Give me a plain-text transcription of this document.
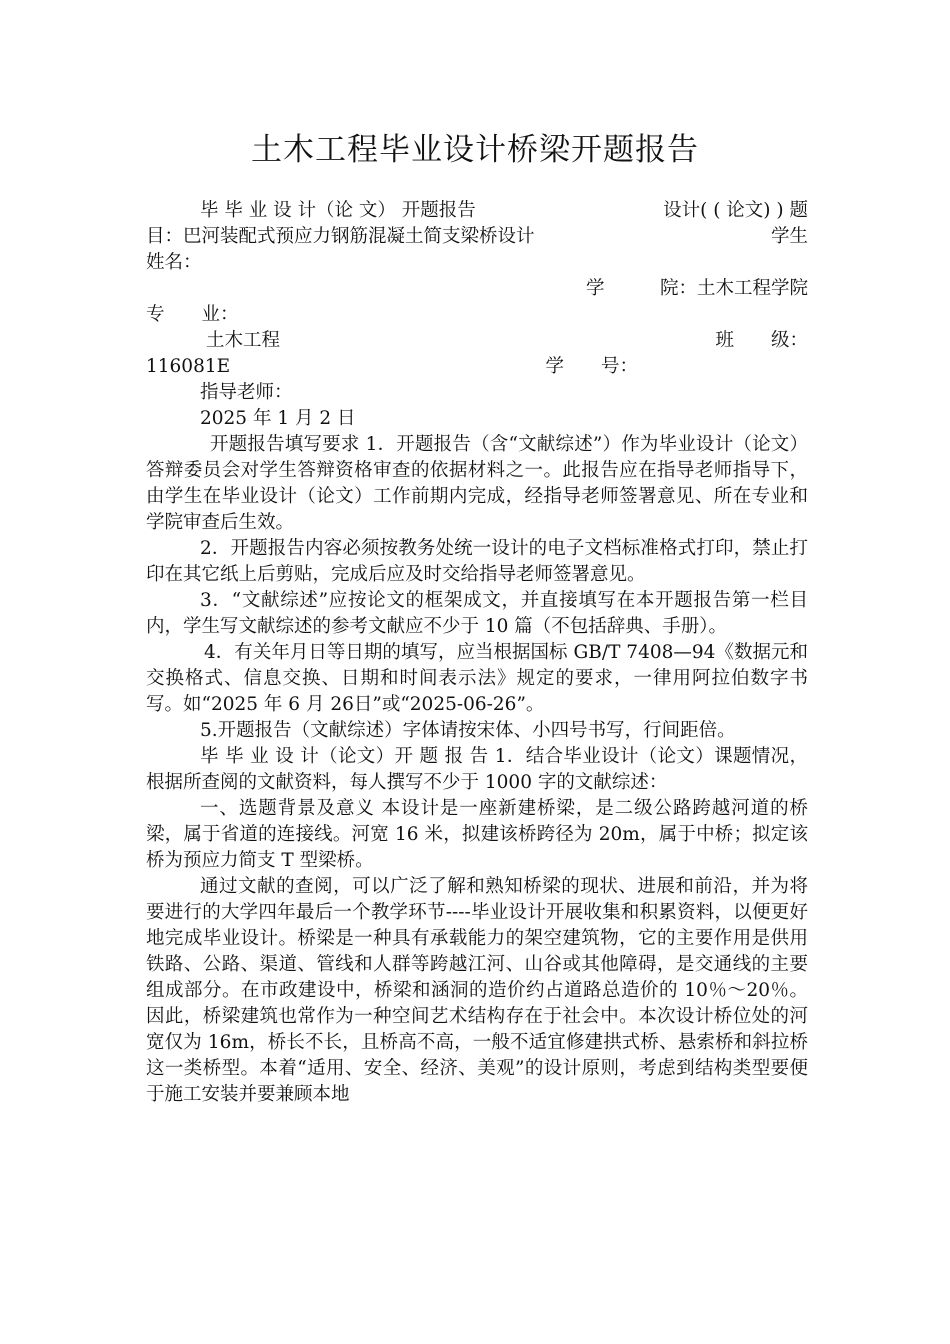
土木工程毕业设计桥梁开题报告
毕 毕 业 设 计（论 文） 开题报告	设计( ( 论文) ) 题
目：巴河装配式预应力钢筋混凝土简支梁桥设计	学生
姓名：
学　　　院：土木工程学院
专　　业：
土木工程	班　　级：
116081E	学　　号：
指导老师：
2025 年 1 月 2 日
开题报告填写要求 1．开题报告（含“文献综述”）作为毕业设计（论文）答辩委员会对学生答辩资格审查的依据材料之一。此报告应在指导老师指导下，由学生在毕业设计（论文）工作前期内完成，经指导老师签署意见、所在专业和学院审查后生效。
2．开题报告内容必须按教务处统一设计的电子文档标准格式打印，禁止打印在其它纸上后剪贴，完成后应及时交给指导老师签署意见。
3．“文献综述”应按论文的框架成文，并直接填写在本开题报告第一栏目内，学生写文献综述的参考文献应不少于 10 篇（不包括辞典、手册）。
4．有关年月日等日期的填写，应当根据国标 GB/T 7408—94《数据元和交换格式、信息交换、日期和时间表示法》规定的要求，一律用阿拉伯数字书写。如“2025 年 6 月 26日”或“2025-06-26”。
5.开题报告（文献综述）字体请按宋体、小四号书写，行间距倍。
毕 毕 业 设 计（论文）开 题 报 告 1．结合毕业设计（论文）课题情况，根据所查阅的文献资料，每人撰写不少于 1000 字的文献综述：
一、选题背景及意义 本设计是一座新建桥梁，是二级公路跨越河道的桥梁，属于省道的连接线。河宽 16 米，拟建该桥跨径为 20m，属于中桥；拟定该桥为预应力简支 T 型梁桥。
通过文献的查阅，可以广泛了解和熟知桥梁的现状、进展和前沿，并为将要进行的大学四年最后一个教学环节----毕业设计开展收集和积累资料，以便更好地完成毕业设计。桥梁是一种具有承载能力的架空建筑物，它的主要作用是供用铁路、公路、渠道、管线和人群等跨越江河、山谷或其他障碍，是交通线的主要组成部分。在市政建设中，桥梁和涵洞的造价约占道路总造价的 10％～20％。因此，桥梁建筑也常作为一种空间艺术结构存在于社会中。本次设计桥位处的河宽仅为 16m，桥长不长，且桥高不高，一般不适宜修建拱式桥、悬索桥和斜拉桥这一类桥型。本着“适用、安全、经济、美观”的设计原则，考虑到结构类型要便于施工安装并要兼顾本地
